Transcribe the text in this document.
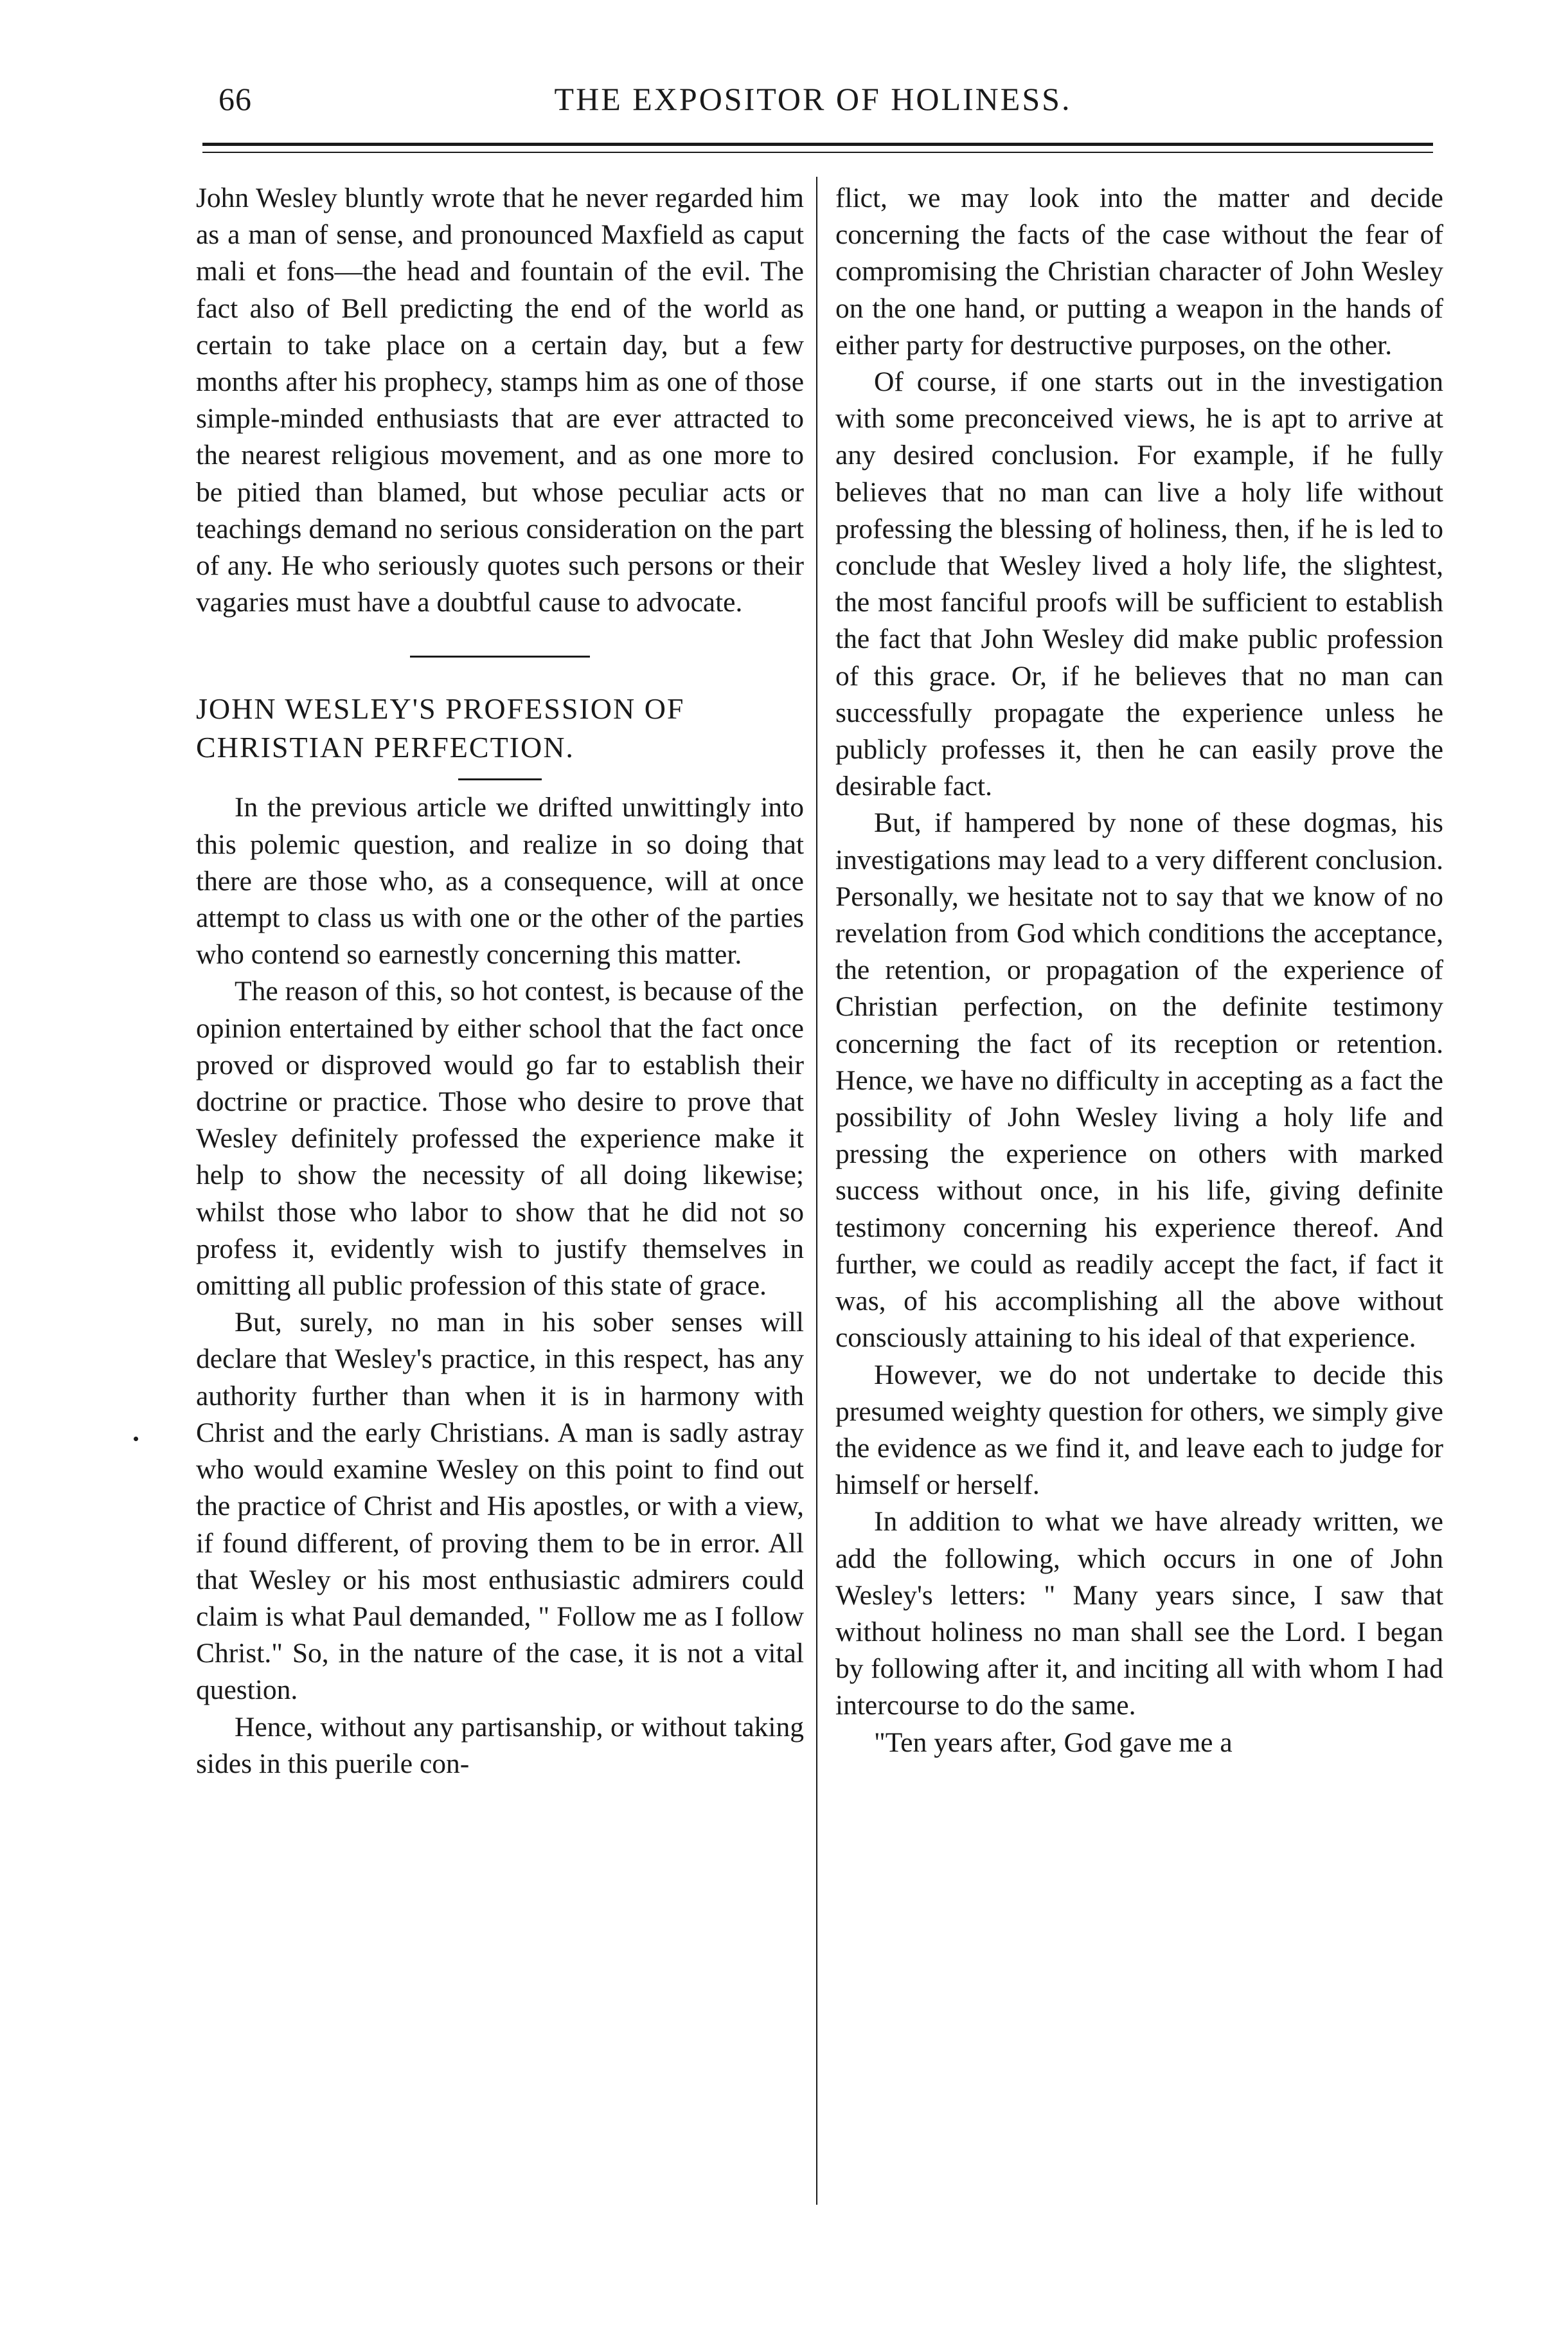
66	THE EXPOSITOR OF HOLINESS.

John Wesley bluntly wrote that he never regarded him as a man of sense, and pronounced Maxfield as caput mali et fons—the head and fountain of the evil. The fact also of Bell predicting the end of the world as certain to take place on a certain day, but a few months after his prophecy, stamps him as one of those simple-minded enthusiasts that are ever attracted to the nearest religious movement, and as one more to be pitied than blamed, but whose peculiar acts or teachings demand no serious consideration on the part of any. He who seriously quotes such persons or their vagaries must have a doubtful cause to advocate.

JOHN WESLEY'S PROFESSION OF

CHRISTIAN PERFECTION.

In the previous article we drifted unwittingly into this polemic question, and realize in so doing that there are those who, as a consequence, will at once attempt to class us with one or the other of the parties who contend so earnestly concerning this matter.

The reason of this, so hot contest, is because of the opinion entertained by either school that the fact once proved or disproved would go far to establish their doctrine or practice. Those who desire to prove that Wesley definitely professed the experience make it help to show the necessity of all doing likewise; whilst those who labor to show that he did not so profess it, evidently wish to justify themselves in omitting all public profession of this state of grace.

But, surely, no man in his sober senses will declare that Wesley's practice, in this respect, has any authority further than when it is in harmony with Christ and the early Christians. A man is sadly astray who would examine Wesley on this point to find out the practice of Christ and His apostles, or with a view, if found different, of proving them to be in error. All that Wesley or his most enthusiastic admirers could claim is what Paul demanded, " Follow me as I follow Christ." So, in the nature of the case, it is not a vital question.

Hence, without any partisanship, or without taking sides in this puerile con-

flict, we may look into the matter and decide concerning the facts of the case without the fear of compromising the Christian character of John Wesley on the one hand, or putting a weapon in the hands of either party for destructive purposes, on the other.

Of course, if one starts out in the investigation with some preconceived views, he is apt to arrive at any desired conclusion. For example, if he fully believes that no man can live a holy life without professing the blessing of holiness, then, if he is led to conclude that Wesley lived a holy life, the slightest, the most fanciful proofs will be sufficient to establish the fact that John Wesley did make public profession of this grace. Or, if he believes that no man can successfully propagate the experience unless he publicly professes it, then he can easily prove the desirable fact.

But, if hampered by none of these dogmas, his investigations may lead to a very different conclusion. Personally, we hesitate not to say that we know of no revelation from God which conditions the acceptance, the retention, or propagation of the experience of Christian perfection, on the definite testimony concerning the fact of its reception or retention. Hence, we have no difficulty in accepting as a fact the possibility of John Wesley living a holy life and pressing the experience on others with marked success without once, in his life, giving definite testimony concerning his experience thereof. And further, we could as readily accept the fact, if fact it was, of his accomplishing all the above without consciously attaining to his ideal of that experience.

However, we do not undertake to decide this presumed weighty question for others, we simply give the evidence as we find it, and leave each to judge for himself or herself.

In addition to what we have already written, we add the following, which occurs in one of John Wesley's letters: " Many years since, I saw that without holiness no man shall see the Lord. I began by following after it, and inciting all with whom I had intercourse to do the same.

"Ten years after, God gave me a
